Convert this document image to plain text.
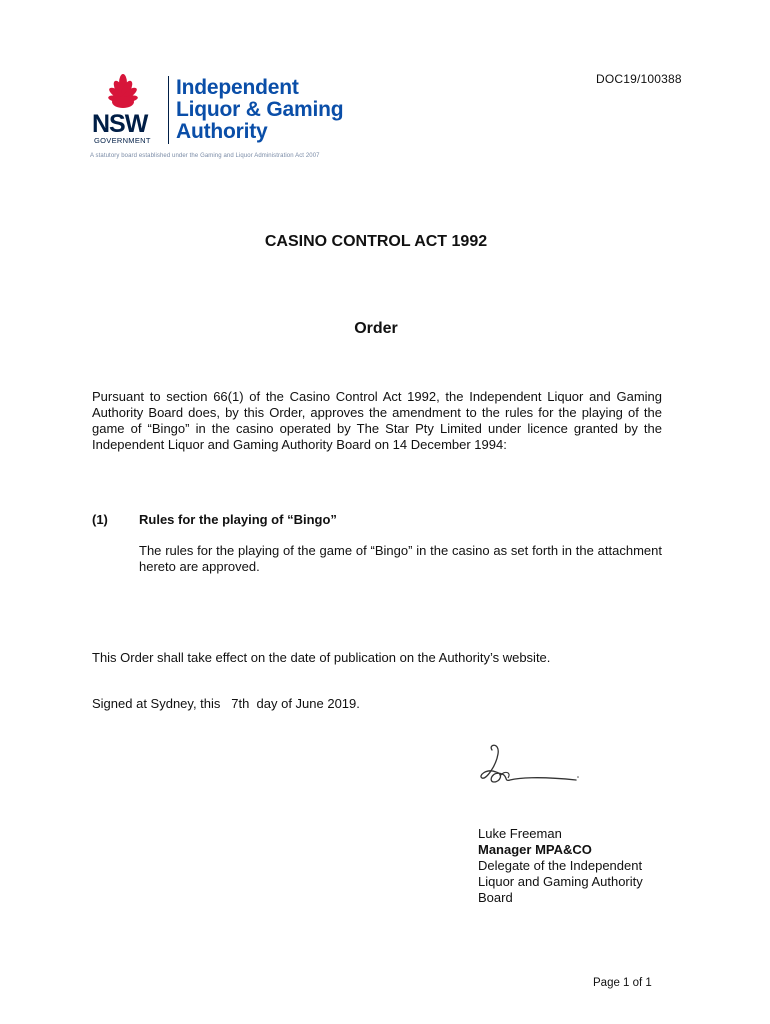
DOC19/100388
NSW
GOVERNMENT
Independent
Liquor & Gaming
Authority
A statutory board established under the Gaming and Liquor Administration Act 2007
CASINO CONTROL ACT 1992
Order
Pursuant to section 66(1) of the Casino Control Act 1992, the Independent Liquor and Gaming Authority Board does, by this Order, approves the amendment to the rules for the playing of the game of “Bingo” in the casino operated by The Star Pty Limited under licence granted by the Independent Liquor and Gaming Authority Board on 14 December 1994:
(1) Rules for the playing of “Bingo”
The rules for the playing of the game of “Bingo” in the casino as set forth in the attachment hereto are approved.
This Order shall take effect on the date of publication on the Authority’s website.
Signed at Sydney, this   7th  day of June 2019.
Luke Freeman
Manager MPA&CO
Delegate of the Independent
Liquor and Gaming Authority
Board
Page 1 of 1
